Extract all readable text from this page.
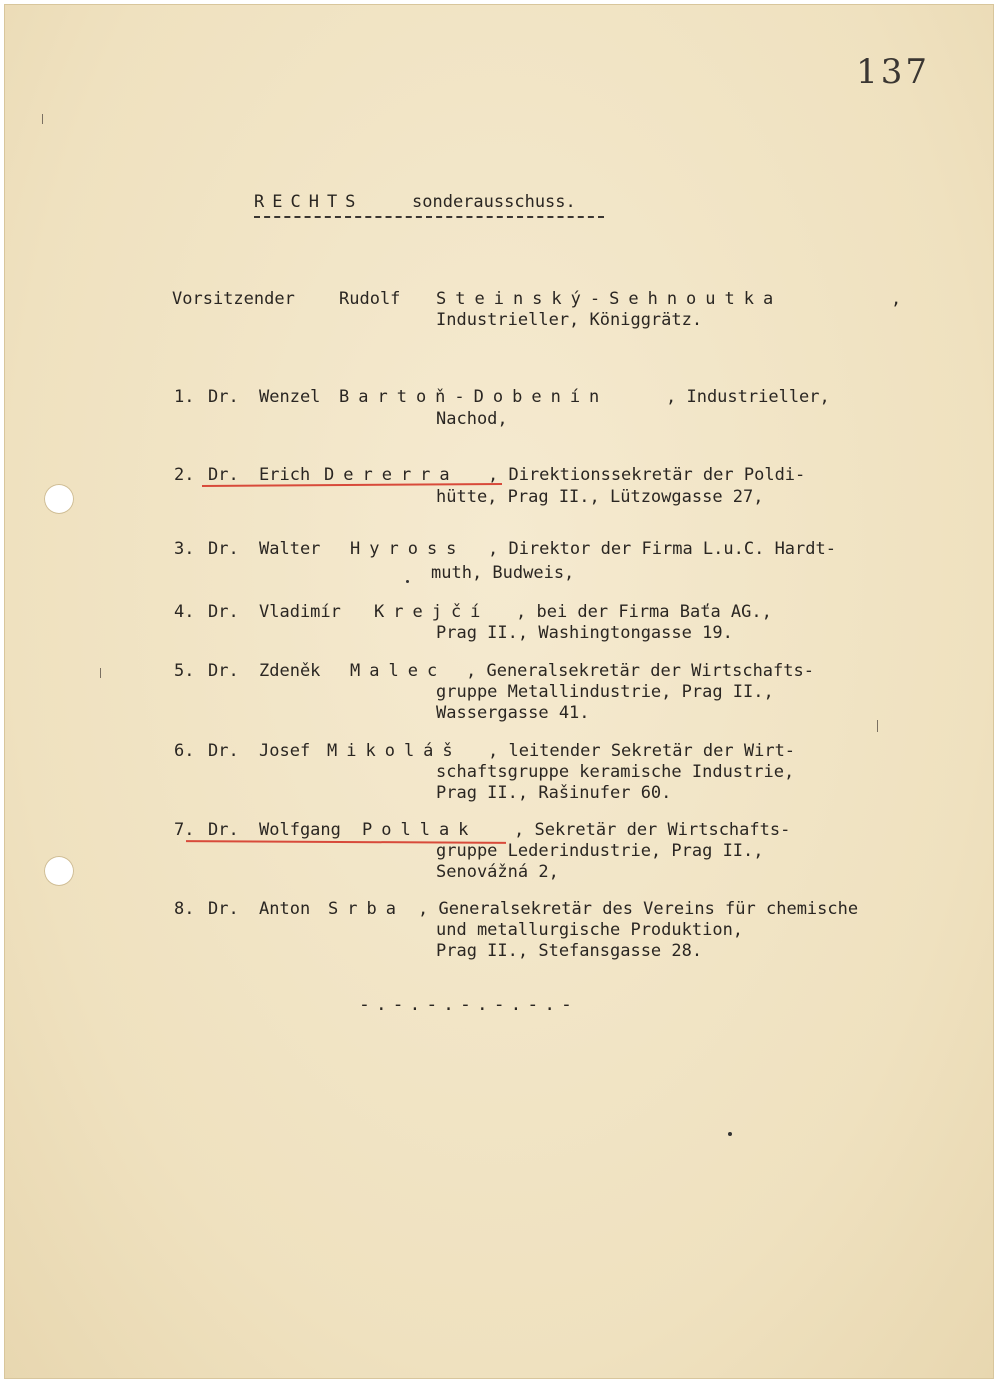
137
RECHTS	sonderausschuss.
Vorsitzender	Rudolf Steinský-Sehnoutka	,
Industrieller, Königgrätz.
1. Dr. Wenzel Bartoň-Dobenín	, Industrieller,
Nachod,
2. Dr. Erich Dererra , Direktionssekretär der Poldi-
hütte, Prag II., Lützowgasse 27,
3. Dr. Walter Hyross , Direktor der Firma L.u.C. Hardt-
muth, Budweis,
4. Dr. Vladimír Krejčí , bei der Firma Baťa AG.,
Prag II., Washingtongasse 19.
5. Dr. Zdeněk Malec , Generalsekretär der Wirtschafts-
gruppe Metallindustrie, Prag II.,
Wassergasse 41.
6. Dr. Josef Mikoláš , leitender Sekretär der Wirt-
schaftsgruppe keramische Industrie,
Prag II., Rašinufer 60.
7. Dr. Wolfgang Pollak , Sekretär der Wirtschafts-
gruppe Lederindustrie, Prag II.,
Senovážná 2,
8. Dr. Anton Srba , Generalsekretär des Vereins für chemische
und metallurgische Produktion,
Prag II., Stefansgasse 28.
-.-.-.-.-.-.-
